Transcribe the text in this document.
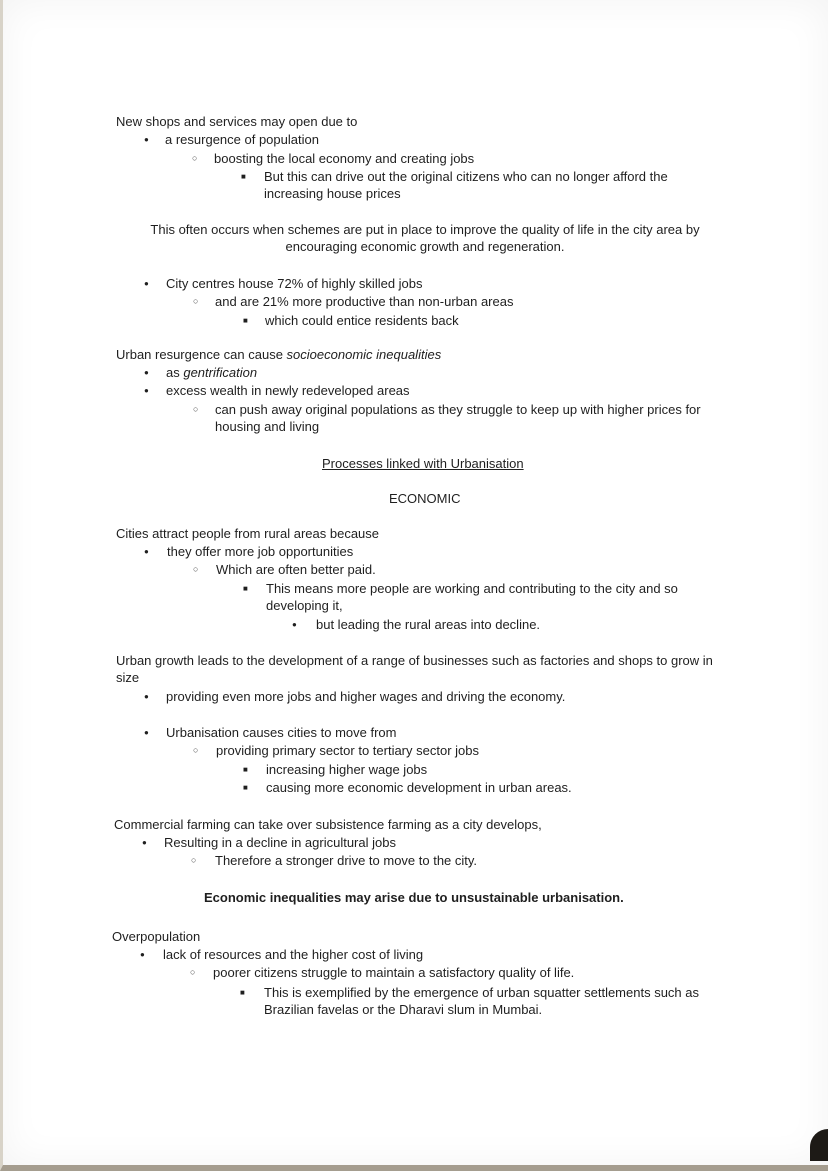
New shops and services may open due to
●
a resurgence of population
○
boosting the local economy and creating jobs
■
But this can drive out the original citizens who can no longer afford the increasing house prices
This often occurs when schemes are put in place to improve the quality of life in the city area by encouraging economic growth and regeneration.
●
City centres house 72% of highly skilled jobs
○
and are 21% more productive than non-urban areas
■
which could entice residents back
Urban resurgence can cause socioeconomic inequalities
●
as gentrification
●
excess wealth in newly redeveloped areas
○
can push away original populations as they struggle to keep up with higher prices for housing and living
Processes linked with Urbanisation
ECONOMIC
Cities attract people from rural areas because
●
they offer more job opportunities
○
Which are often better paid.
■
This means more people are working and contributing to the city and so developing it,
●
but leading the rural areas into decline.
Urban growth leads to the development of a range of businesses such as factories and shops to grow in size
●
providing even more jobs and higher wages and driving the economy.
●
Urbanisation causes cities to move from
○
providing primary sector to tertiary sector jobs
■
increasing higher wage jobs
■
causing more economic development in urban areas.
Commercial farming can take over subsistence farming as a city develops,
●
Resulting in a decline in agricultural jobs
○
Therefore a stronger drive to move to the city.
Economic inequalities may arise due to unsustainable urbanisation.
Overpopulation
●
lack of resources and the higher cost of living
○
poorer citizens struggle to maintain a satisfactory quality of life.
■
This is exemplified by the emergence of urban squatter settlements such as Brazilian favelas or the Dharavi slum in Mumbai.
